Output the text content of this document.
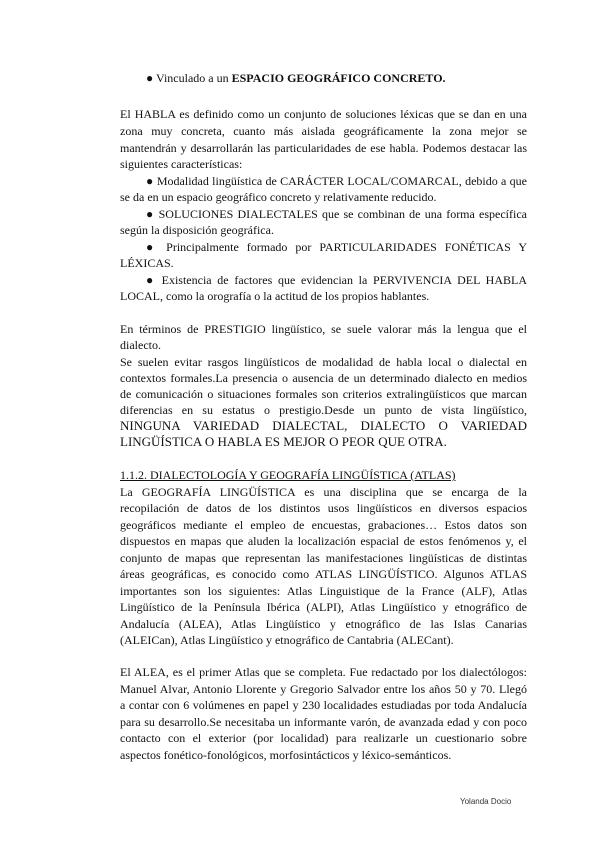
● Vinculado a un ESPACIO GEOGRÁFICO CONCRETO.
El HABLA es definido como un conjunto de soluciones léxicas que se dan en una
zona muy concreta, cuanto más aislada geográficamente la zona mejor se
mantendrán y desarrollarán las particularidades de ese habla. Podemos destacar las
siguientes características:
● Modalidad lingüística de CARÁCTER LOCAL/COMARCAL, debido a que
se da en un espacio geográfico concreto y relativamente reducido.
● SOLUCIONES DIALECTALES que se combinan de una forma específica
según la disposición geográfica.
● Principalmente formado por PARTICULARIDADES FONÉTICAS Y
LÉXICAS.
● Existencia de factores que evidencian la PERVIVENCIA DEL HABLA
LOCAL, como la orografía o la actitud de los propios hablantes.
En términos de PRESTIGIO lingüístico, se suele valorar más la lengua que el
dialecto.
Se suelen evitar rasgos lingüísticos de modalidad de habla local o dialectal en
contextos formales.La presencia o ausencia de un determinado dialecto en medios
de comunicación o situaciones formales son criterios extralingüísticos que marcan
diferencias en su estatus o prestigio.Desde un punto de vista lingüístico,
NINGUNA VARIEDAD DIALECTAL, DIALECTO O VARIEDAD
LINGÜÍSTICA O HABLA ES MEJOR O PEOR QUE OTRA.
1.1.2. DIALECTOLOGÍA Y GEOGRAFÍA LINGÜÍSTICA (ATLAS)
La GEOGRAFÍA LINGÜÍSTICA es una disciplina que se encarga de la
recopilación de datos de los distintos usos lingüísticos en diversos espacios
geográficos mediante el empleo de encuestas, grabaciones… Estos datos son
dispuestos en mapas que aluden la localización espacial de estos fenómenos y, el
conjunto de mapas que representan las manifestaciones lingüísticas de distintas
áreas geográficas, es conocido como ATLAS LINGÜÍSTICO. Algunos ATLAS
importantes son los siguientes: Atlas Linguistique de la France (ALF), Atlas
Lingüístico de la Península Ibérica (ALPI), Atlas Lingüístico y etnográfico de
Andalucía (ALEA), Atlas Lingüístico y etnográfico de las Islas Canarias
(ALEICan), Atlas Lingüístico y etnográfico de Cantabria (ALECant).
El ALEA, es el primer Atlas que se completa. Fue redactado por los dialectólogos:
Manuel Alvar, Antonio Llorente y Gregorio Salvador entre los años 50 y 70. Llegó
a contar con 6 volúmenes en papel y 230 localidades estudiadas por toda Andalucía
para su desarrollo.Se necesitaba un informante varón, de avanzada edad y con poco
contacto con el exterior (por localidad) para realizarle un cuestionario sobre
aspectos fonético-fonológicos, morfosintácticos y léxico-semánticos.
Yolanda Docio
